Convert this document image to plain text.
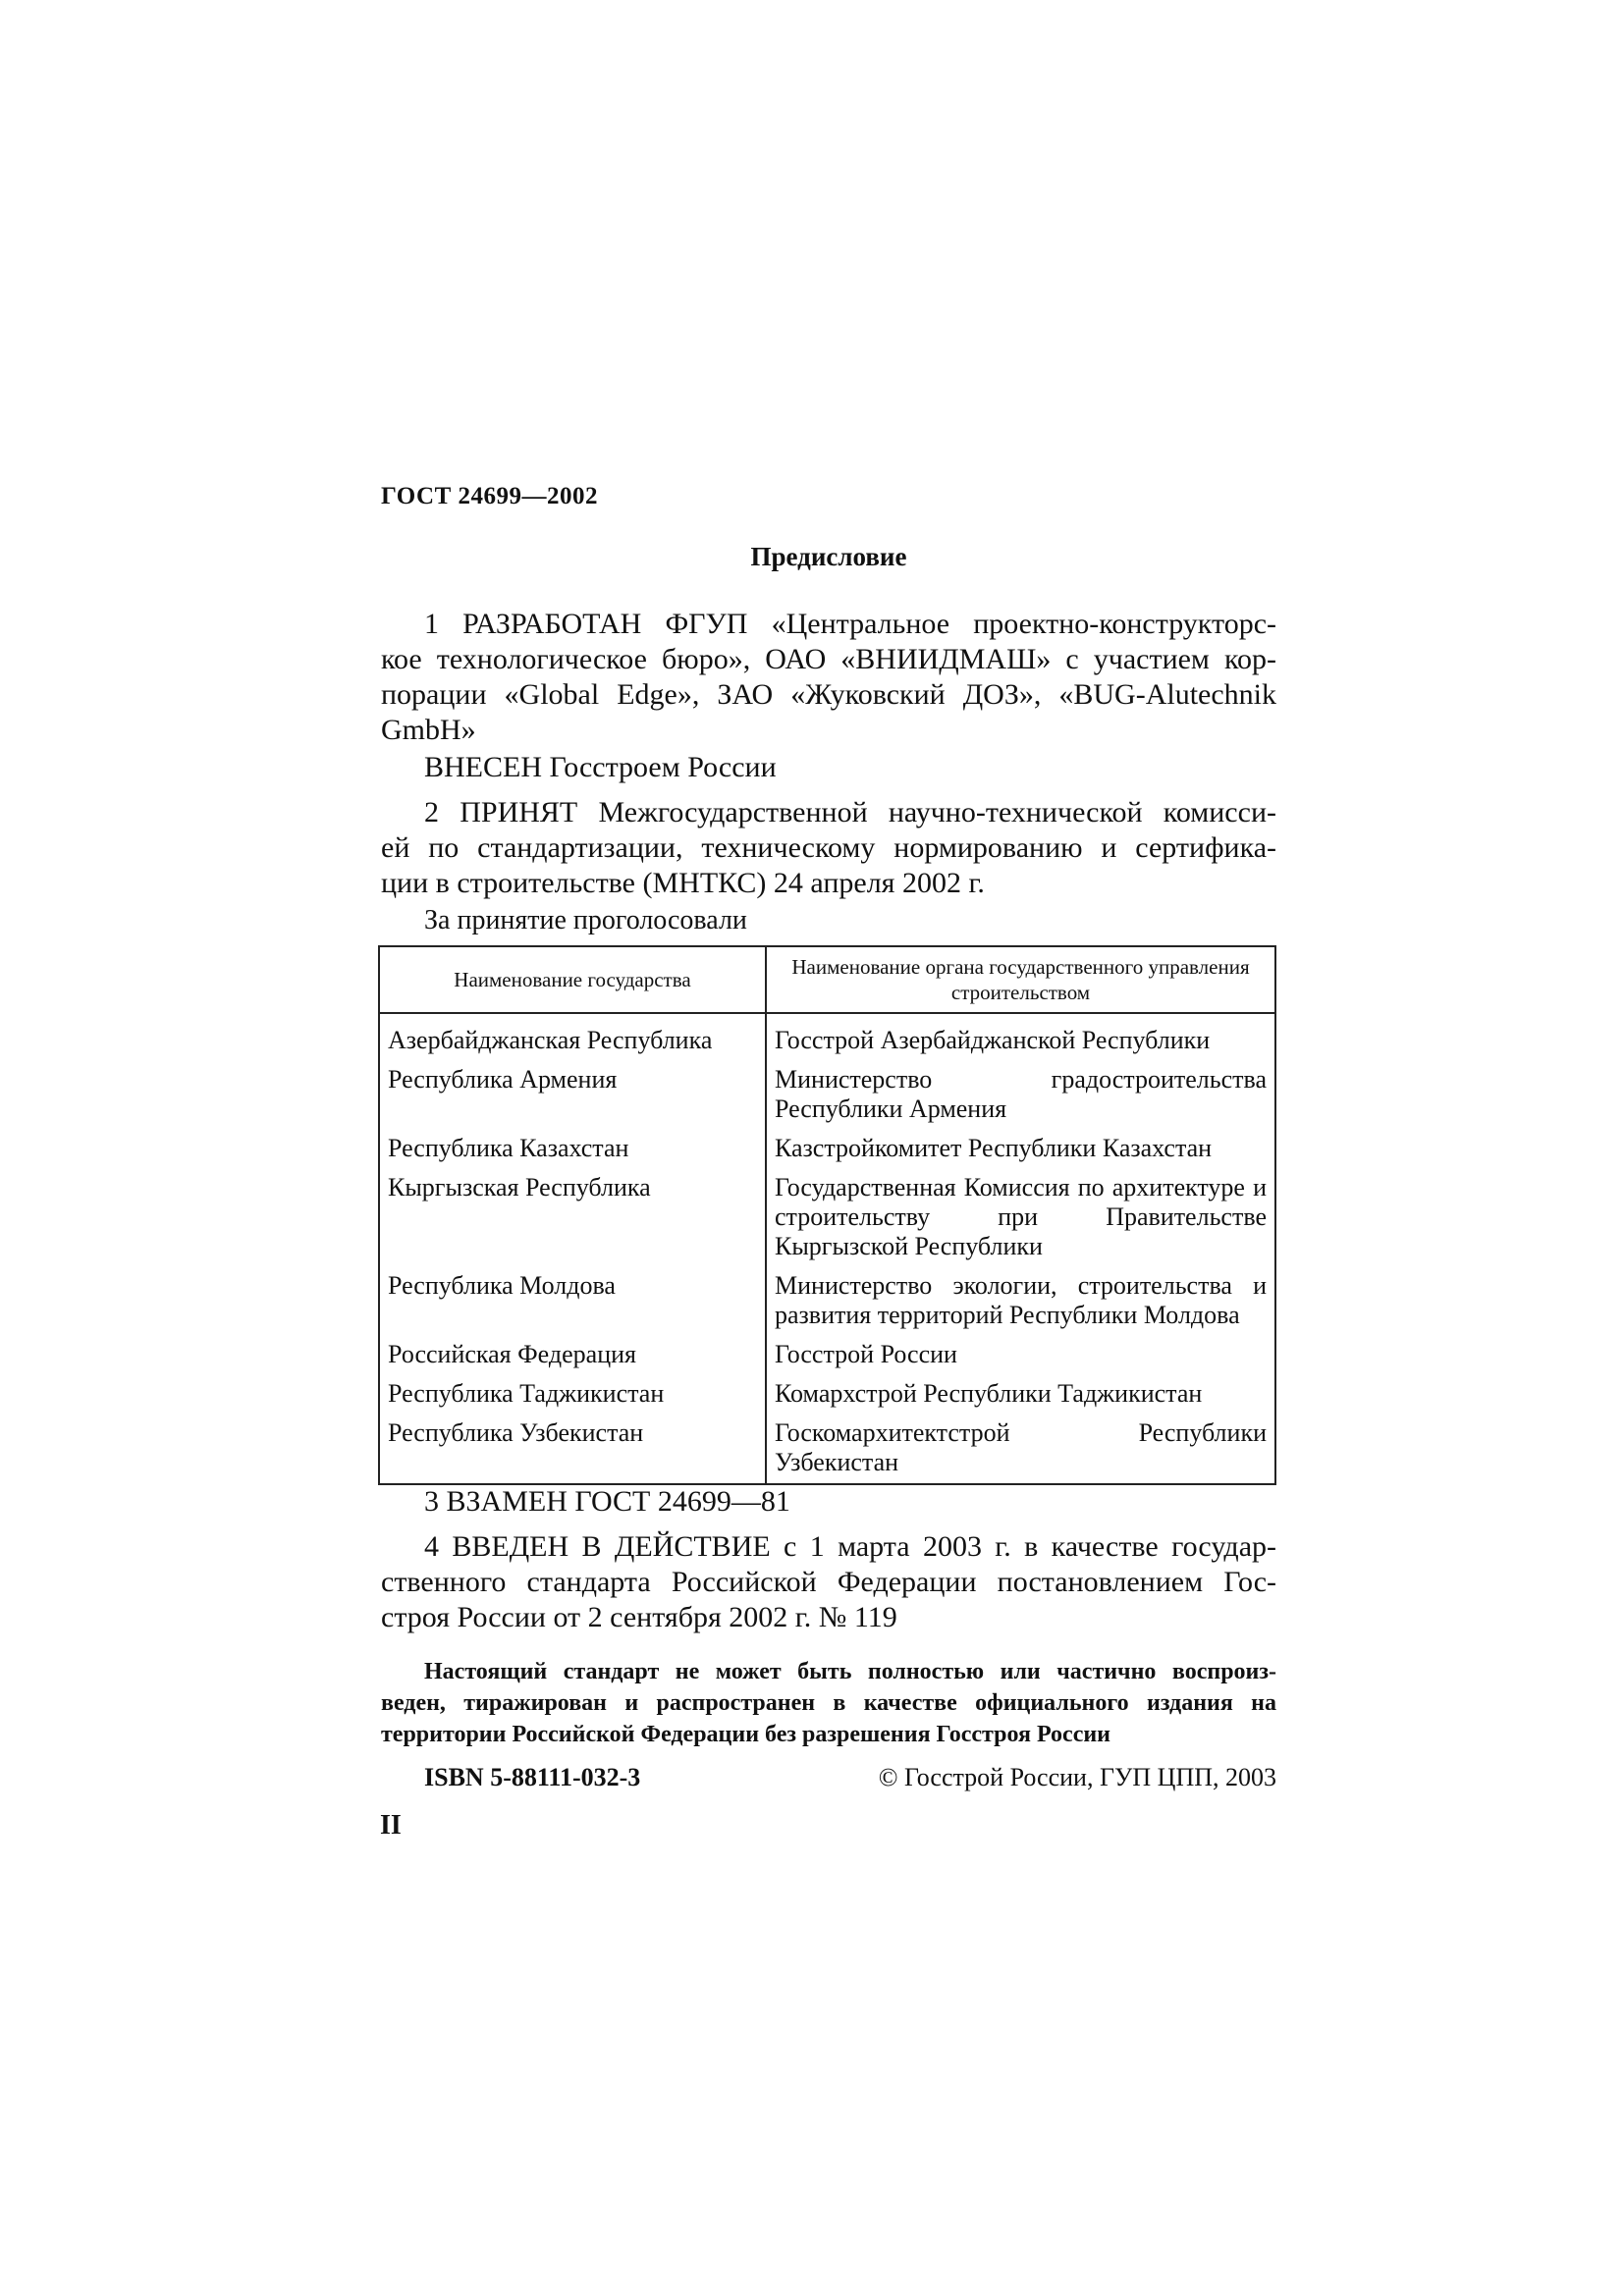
ГОСТ 24699—2002
Предисловие
1 РАЗРАБОТАН ФГУП «Центральное проектно-конструкторс-
кое технологическое бюро», ОАО «ВНИИДМАШ» с участием кор-
порации «Global Edge», ЗАО «Жуковский ДОЗ», «BUG-Alutechnik
GmbH»
ВНЕСЕН Госстроем России
2 ПРИНЯТ Межгосударственной научно-технической комисси-
ей по стандартизации, техническому нормированию и сертифика-
ции в строительстве (МНТКС) 24 апреля 2002 г.
За принятие проголосовали
Наименование государства	Наименование органа государственного управления строительством
Азербайджанская Республика	Госстрой Азербайджанской Республики
Республика Армения	Министерство градостроительства Республики Армения
Республика Казахстан	Казстройкомитет Республики Казахстан
Кыргызская Республика	Государственная Комиссия по архитектуре и строительству при Правительстве Кыргызской Республики
Республика Молдова	Министерство экологии, строительства и развития территорий Республики Молдова
Российская Федерация	Госстрой России
Республика Таджикистан	Комархстрой Республики Таджикистан
Республика Узбекистан	Госкомархитектстрой Республики Узбекистан
3 ВЗАМЕН ГОСТ 24699—81
4 ВВЕДЕН В ДЕЙСТВИЕ с 1 марта 2003 г. в качестве государ-
ственного стандарта Российской Федерации постановлением Гос-
строя России от 2 сентября 2002 г. № 119
Настоящий стандарт не может быть полностью или частично воспроиз-
веден, тиражирован и распространен в качестве официального издания на
территории Российской Федерации без разрешения Госстроя России
ISBN 5-88111-032-3	© Госстрой России, ГУП ЦПП, 2003
II
